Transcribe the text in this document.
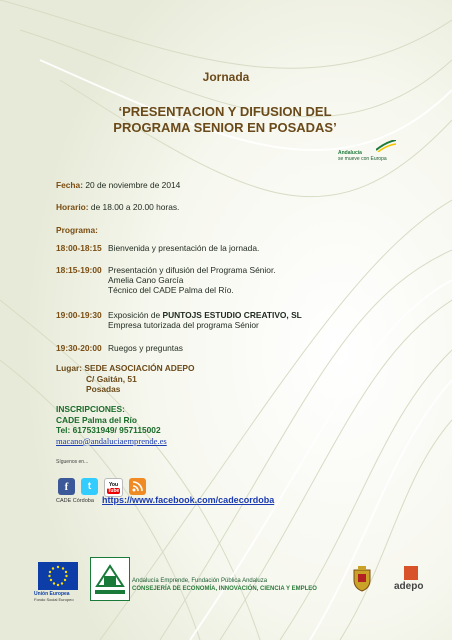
Jornada
‘PRESENTACION Y DIFUSION DEL
PROGRAMA SENIOR EN POSADAS’
Andalucía
se mueve con Europa
Fecha: 20 de noviembre de 2014
Horario: de 18.00 a 20.00 horas.
Programa:
18:00-18:15 Bienvenida y presentación de la jornada.
18:15-19:00 Presentación y difusión del Programa Sénior.
Amelia Cano García
Técnico del CADE Palma del Río.
19:00-19:30 Exposición de PUNTOJS ESTUDIO CREATIVO, SL
Empresa tutorizada del programa Sénior
19:30-20:00 Ruegos y preguntas
Lugar: SEDE ASOCIACIÓN ADEPO
C/ Gaitán, 51
Posadas
INSCRIPCIONES:
CADE Palma del Río
Tel: 617531949/ 957115002
macano@andaluciaemprende.es
Síguenos en...
f t	You
Tube
CADE Córdoba https://www.facebook.com/cadecordoba
Unión Europea
Fondo Social Europeo
Andalucía Emprende, Fundación Pública Andaluza
CONSEJERÍA DE ECONOMÍA, INNOVACIÓN, CIENCIA Y EMPLEO	adepo
